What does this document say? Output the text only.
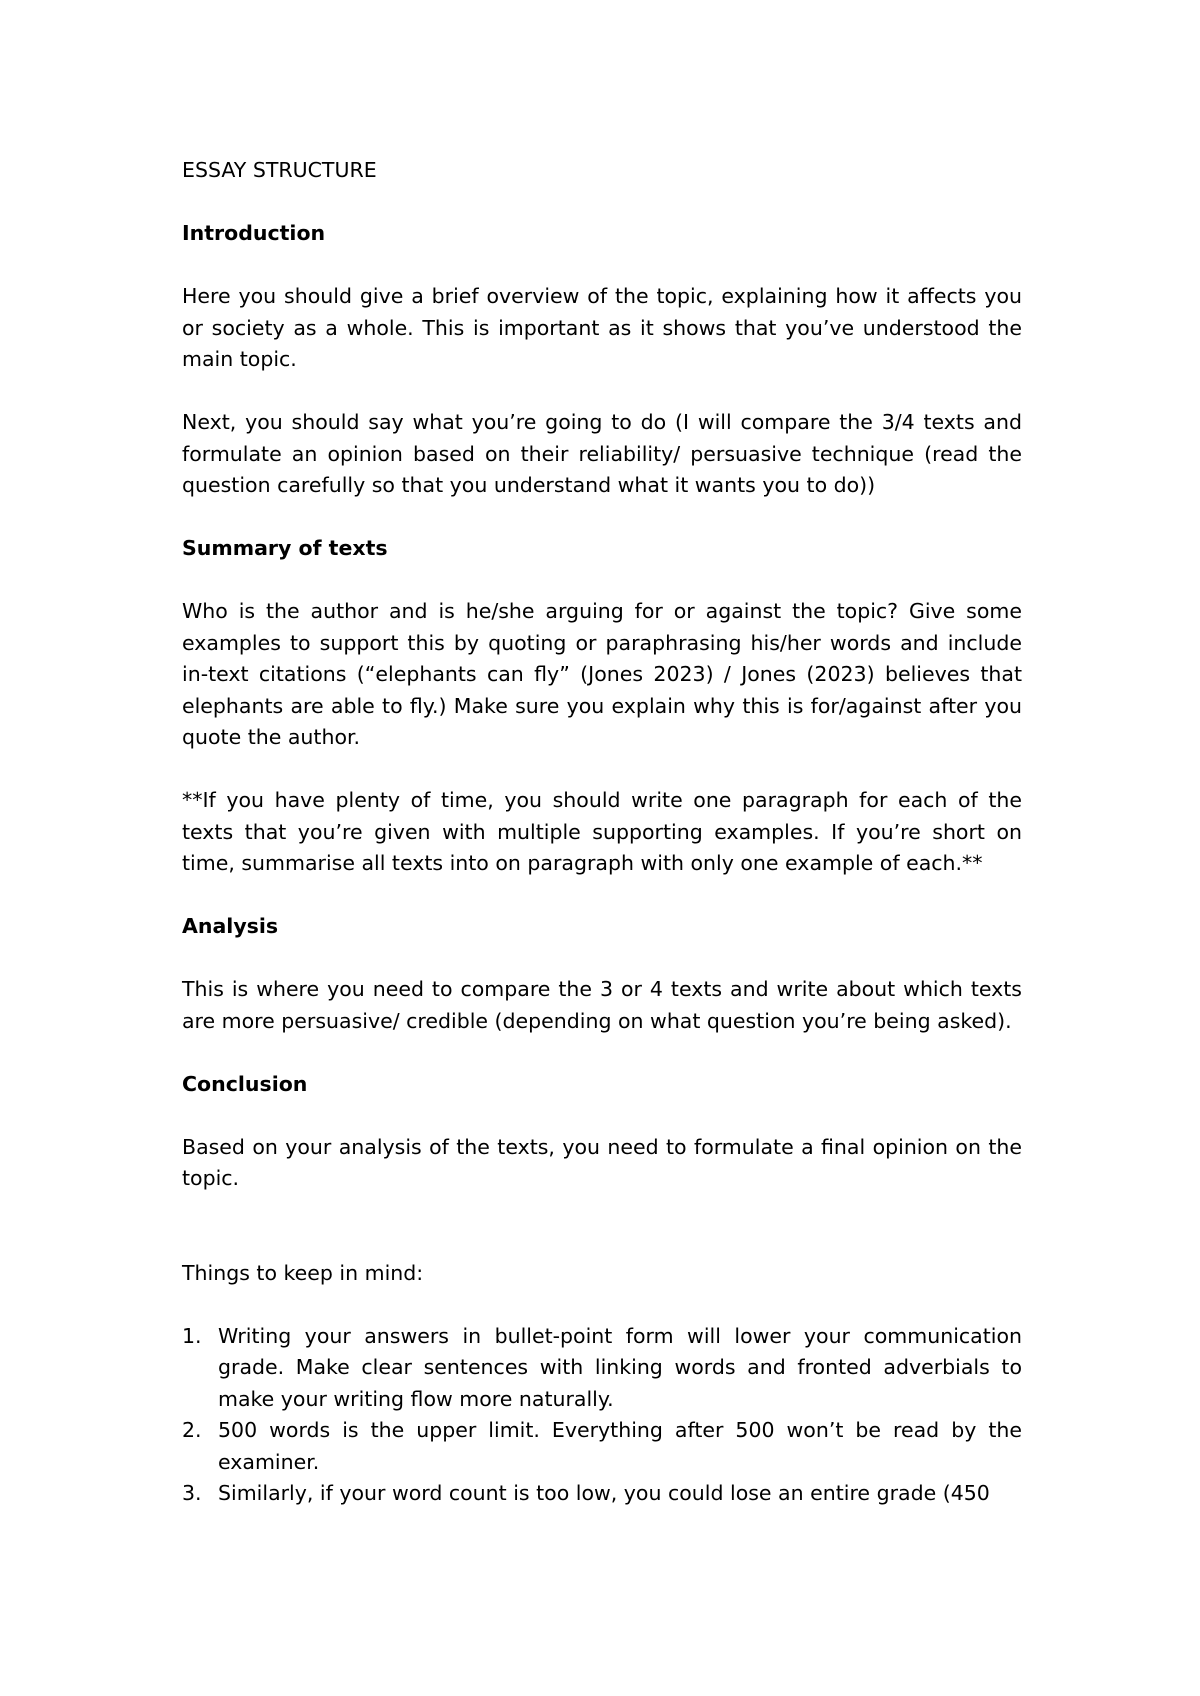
ESSAY STRUCTURE

Introduction

Here you should give a brief overview of the topic, explaining how it affects you or society as a whole. This is important as it shows that you’ve understood the main topic.

Next, you should say what you’re going to do (I will compare the 3/4 texts and formulate an opinion based on their reliability/ persuasive technique (read the question carefully so that you understand what it wants you to do))

Summary of texts

Who is the author and is he/she arguing for or against the topic? Give some examples to support this by quoting or paraphrasing his/her words and include in-text citations (“elephants can fly” (Jones 2023) / Jones (2023) believes that elephants are able to fly.) Make sure you explain why this is for/against after you quote the author.

**If you have plenty of time, you should write one paragraph for each of the texts that you’re given with multiple supporting examples. If you’re short on time, summarise all texts into on paragraph with only one example of each.**

Analysis

This is where you need to compare the 3 or 4 texts and write about which texts are more persuasive/ credible (depending on what question you’re being asked).

Conclusion

Based on your analysis of the texts, you need to formulate a final opinion on the topic.

Things to keep in mind:

1. Writing your answers in bullet-point form will lower your communication grade. Make clear sentences with linking words and fronted adverbials to make your writing flow more naturally.
2. 500 words is the upper limit. Everything after 500 won’t be read by the examiner.
3. Similarly, if your word count is too low, you could lose an entire grade (450
